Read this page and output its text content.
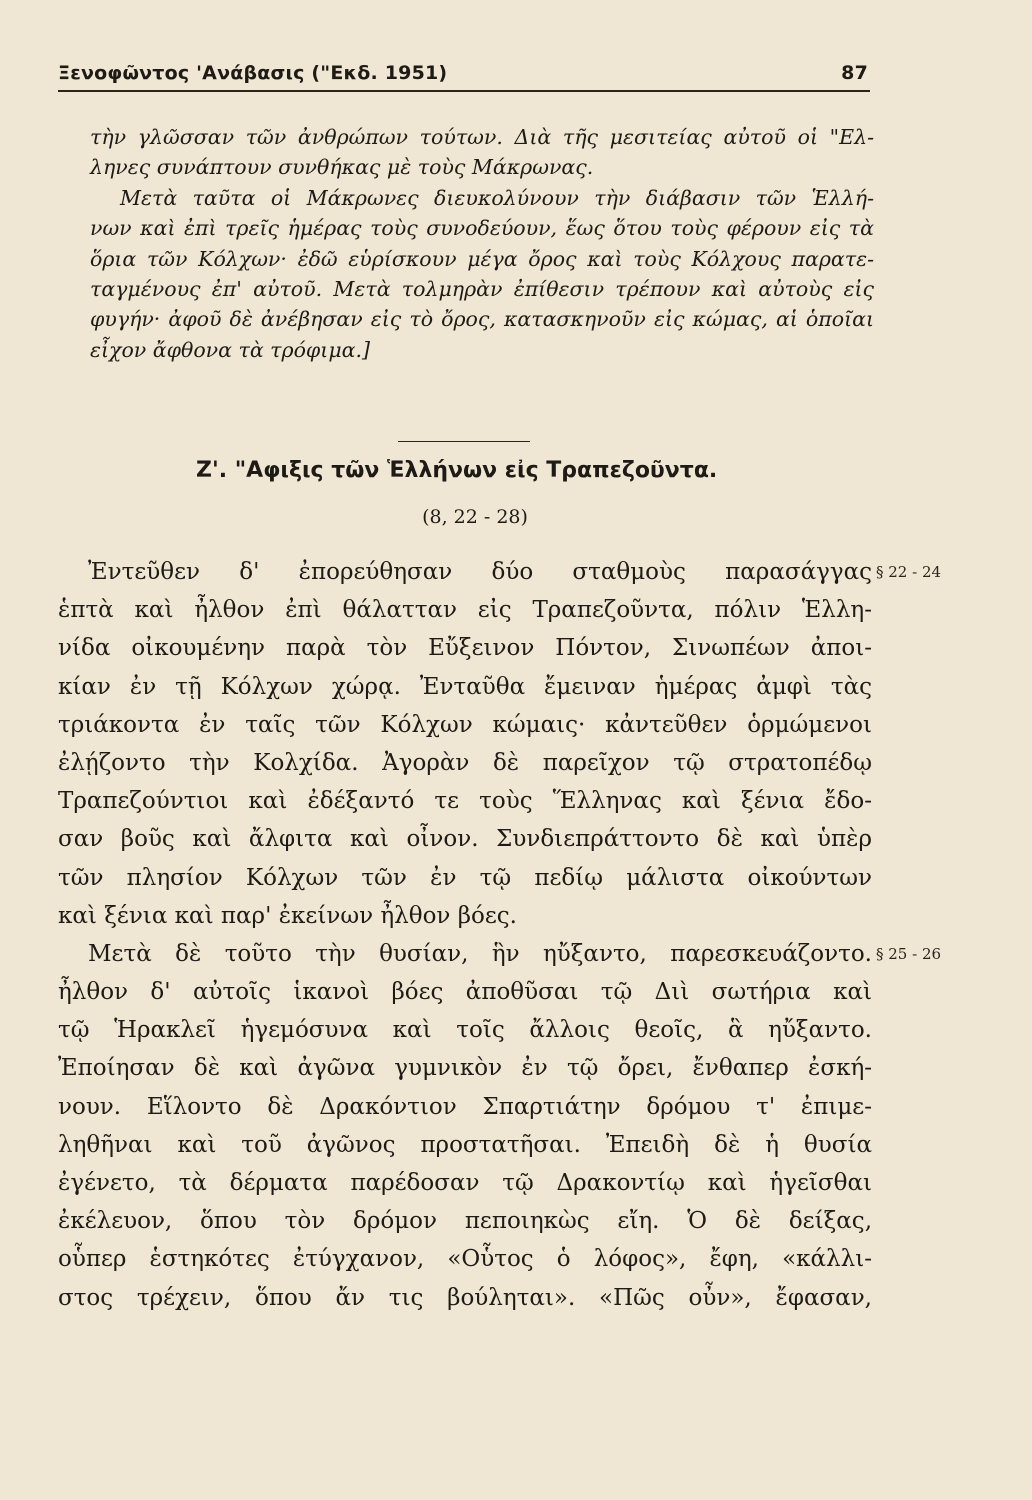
Ξενοφῶντος 'Ανάβασις ("Εκδ. 1951)	87
τὴν γλῶσσαν τῶν ἀνθρώπων τούτων. Διὰ τῆς μεσιτείας αὐτοῦ οἱ "Ελ-
ληνες συνάπτουν συνθήκας μὲ τοὺς Μάκρωνας.
Μετὰ ταῦτα οἱ Μάκρωνες διευκολύνουν τὴν διάβασιν τῶν Ἑλλή-
νων καὶ ἐπὶ τρεῖς ἡμέρας τοὺς συνοδεύουν, ἕως ὅτου τοὺς φέρουν εἰς τὰ
ὅρια τῶν Κόλχων· ἐδῶ εὑρίσκουν μέγα ὄρος καὶ τοὺς Κόλχους παρατε-
ταγμένους ἐπ' αὐτοῦ. Μετὰ τολμηρὰν ἐπίθεσιν τρέπουν καὶ αὐτοὺς εἰς
φυγήν· ἀφοῦ δὲ ἀνέβησαν εἰς τὸ ὄρος, κατασκηνοῦν εἰς κώμας, αἱ ὁποῖαι
εἶχον ἄφθονα τὰ τρόφιμα.]
Ζ'. "Αφιξις τῶν Ἑλλήνων εἰς Τραπεζοῦντα.
(8, 22 - 28)
§ 22 - 24
§ 25 - 26
Ἐντεῦθεν δ' ἐπορεύθησαν δύο σταθμοὺς παρασάγγας
ἑπτὰ καὶ ἦλθον ἐπὶ θάλατταν εἰς Τραπεζοῦντα, πόλιν Ἑλλη-
νίδα οἰκουμένην παρὰ τὸν Εὔξεινον Πόντον, Σινωπέων ἀποι-
κίαν ἐν τῇ Κόλχων χώρᾳ. Ἐνταῦθα ἔμειναν ἡμέρας ἀμφὶ τὰς
τριάκοντα ἐν ταῖς τῶν Κόλχων κώμαις· κἀντεῦθεν ὁρμώμενοι
ἐλῄζοντο τὴν Κολχίδα. Ἀγορὰν δὲ παρεῖχον τῷ στρατοπέδῳ
Τραπεζούντιοι καὶ ἐδέξαντό τε τοὺς Ἕλληνας καὶ ξένια ἔδο-
σαν βοῦς καὶ ἄλφιτα καὶ οἶνον. Συνδιεπράττοντο δὲ καὶ ὑπὲρ
τῶν πλησίον Κόλχων τῶν ἐν τῷ πεδίῳ μάλιστα οἰκούντων
καὶ ξένια καὶ παρ' ἐκείνων ἦλθον βόες.
Μετὰ δὲ τοῦτο τὴν θυσίαν, ἣν ηὔξαντο, παρεσκευάζοντο.
ἦλθον δ' αὐτοῖς ἱκανοὶ βόες ἀποθῦσαι τῷ Διὶ σωτήρια καὶ
τῷ Ἡρακλεῖ ἡγεμόσυνα καὶ τοῖς ἄλλοις θεοῖς, ἃ ηὔξαντο.
Ἐποίησαν δὲ καὶ ἀγῶνα γυμνικὸν ἐν τῷ ὄρει, ἔνθαπερ ἐσκή-
νουν. Εἵλοντο δὲ Δρακόντιον Σπαρτιάτην δρόμου τ' ἐπιμε-
ληθῆναι καὶ τοῦ ἀγῶνος προστατῆσαι. Ἐπειδὴ δὲ ἡ θυσία
ἐγένετο, τὰ δέρματα παρέδοσαν τῷ Δρακοντίῳ καὶ ἡγεῖσθαι
ἐκέλευον, ὅπου τὸν δρόμον πεποιηκὼς εἴη. Ὁ δὲ δείξας,
οὗπερ ἑστηκότες ἐτύγχανον, «Οὗτος ὁ λόφος», ἔφη, «κάλλι-
στος τρέχειν, ὅπου ἄν τις βούληται». «Πῶς οὖν», ἔφασαν,
